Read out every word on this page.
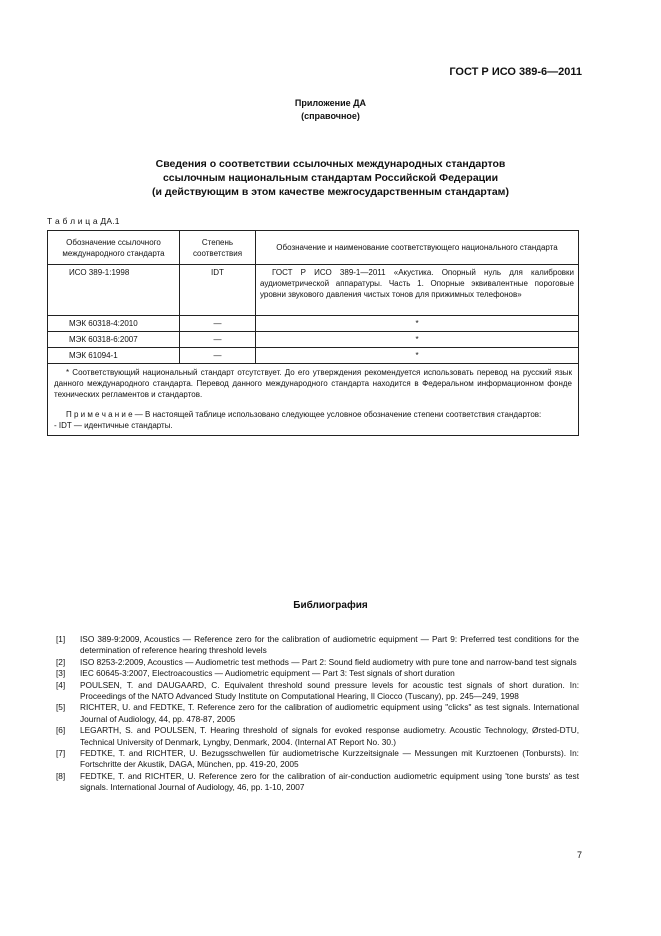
ГОСТ Р ИСО 389-6—2011
Приложение ДА
(справочное)
Сведения о соответствии ссылочных международных стандартов
ссылочным национальным стандартам Российской Федерации
(и действующим в этом качестве межгосударственным стандартам)
Т а б л и ц а ДА.1
Обозначение ссылочного международного стандарта	Степень соответствия	Обозначение и наименование соответствующего национального стандарта
ИСО 389-1:1998	IDT	ГОСТ Р ИСО 389-1—2011 «Акустика. Опорный нуль для калибровки аудиометрической аппаратуры. Часть 1. Опорные эквивалентные пороговые уровни звукового давления чистых тонов для прижимных телефонов»
МЭК 60318-4:2010	—	*
МЭК 60318-6:2007	—	*
МЭК 61094-1	—	*

* Соответствующий национальный стандарт отсутствует. До его утверждения рекомендуется использовать перевод на русский язык данного международного стандарта. Перевод данного международного стандарта находится в Федеральном информационном фонде технических регламентов и стандартов.

П р и м е ч а н и е — В настоящей таблице использовано следующее условное обозначение степени соответствия стандартов:

- IDT — идентичные стандарты.		

Библиография
[1]	ISO 389-9:2009, Acoustics — Reference zero for the calibration of audiometric equipment — Part 9: Preferred test conditions for the determination of reference hearing threshold levels
[2]	ISO 8253-2:2009, Acoustics — Audiometric test methods — Part 2: Sound field audiometry with pure tone and narrow-band test signals
[3]	IEC 60645-3:2007, Electroacoustics — Audiometric equipment — Part 3: Test signals of short duration
[4]	POULSEN, T. and DAUGAARD, C. Equivalent threshold sound pressure levels for acoustic test signals of short duration. In: Proceedings of the NATO Advanced Study Institute on Computational Hearing, Il Ciocco (Tuscany), pp. 245—249, 1998
[5]	RICHTER, U. and FEDTKE, T. Reference zero for the calibration of audiometric equipment using "clicks" as test signals. International Journal of Audiology, 44, pp. 478-87, 2005
[6]	LEGARTH, S. and POULSEN, T. Hearing threshold of signals for evoked response audiometry. Acoustic Technology, Ørsted-DTU, Technical University of Denmark, Lyngby, Denmark, 2004. (Internal AT Report No. 30.)
[7]	FEDTKE, T. and RICHTER, U. Bezugsschwellen für audiometrische Kurzzeitsignale — Messungen mit Kurztoenen (Tonbursts). In: Fortschritte der Akustik, DAGA, München, pp. 419-20, 2005
[8]	FEDTKE, T. and RICHTER, U. Reference zero for the calibration of air-conduction audiometric equipment using 'tone bursts' as test signals. International Journal of Audiology, 46, pp. 1-10, 2007
7
